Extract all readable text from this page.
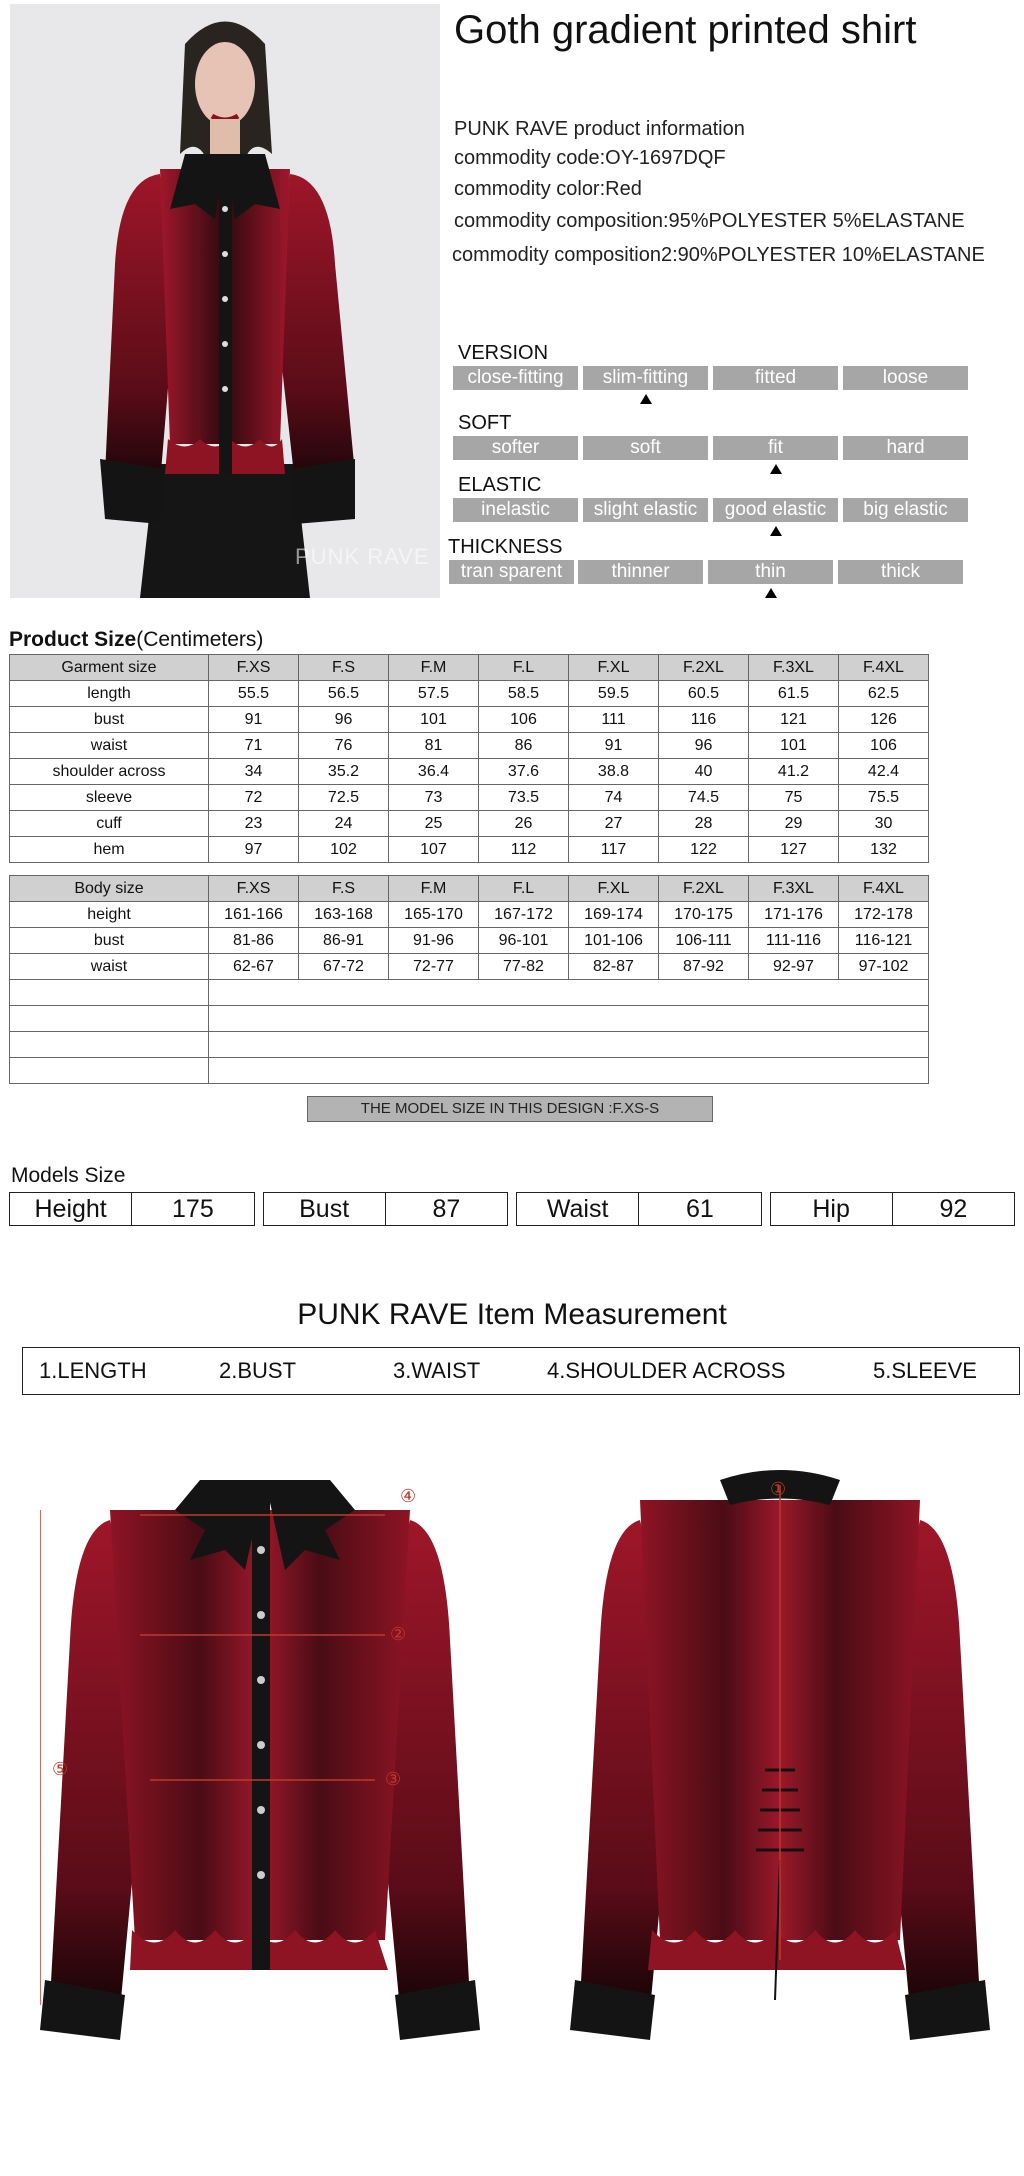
PUNK RAVE
Goth gradient printed shirt
PUNK RAVE product information
commodity code:OY-1697DQF
commodity color:Red
commodity composition:95%POLYESTER 5%ELASTANE
commodity composition2:90%POLYESTER 10%ELASTANE
VERSION
close-fitting	slim-fitting	fitted	loose
SOFT
softer	soft	fit	hard
ELASTIC
inelastic	slight elastic	good elastic	big elastic
THICKNESS
tran sparent	thinner	thin	thick
Product Size(Centimeters)
Garment size	F.XS	F.S	F.M	F.L	F.XL	F.2XL	F.3XL	F.4XL
length	55.5	56.5	57.5	58.5	59.5	60.5	61.5	62.5
bust	91	96	101	106	111	116	121	126
waist	71	76	81	86	91	96	101	106
shoulder across	34	35.2	36.4	37.6	38.8	40	41.2	42.4
sleeve	72	72.5	73	73.5	74	74.5	75	75.5
cuff	23	24	25	26	27	28	29	30
hem	97	102	107	112	117	122	127	132
Body size	F.XS	F.S	F.M	F.L	F.XL	F.2XL	F.3XL	F.4XL
height	161-166	163-168	165-170	167-172	169-174	170-175	171-176	172-178
bust	81-86	86-91	91-96	96-101	101-106	106-111	111-116	116-121
waist	62-67	67-72	72-77	77-82	82-87	87-92	92-97	97-102

THE MODEL SIZE IN THIS DESIGN :F.XS-S
Models Size
Height	175	Bust	87	Waist	61	Hip	92
PUNK RAVE Item Measurement
1.LENGTH	2.BUST	3.WAIST	4.SHOULDER ACROSS	5.SLEEVE
④
②
③
⑤
①
